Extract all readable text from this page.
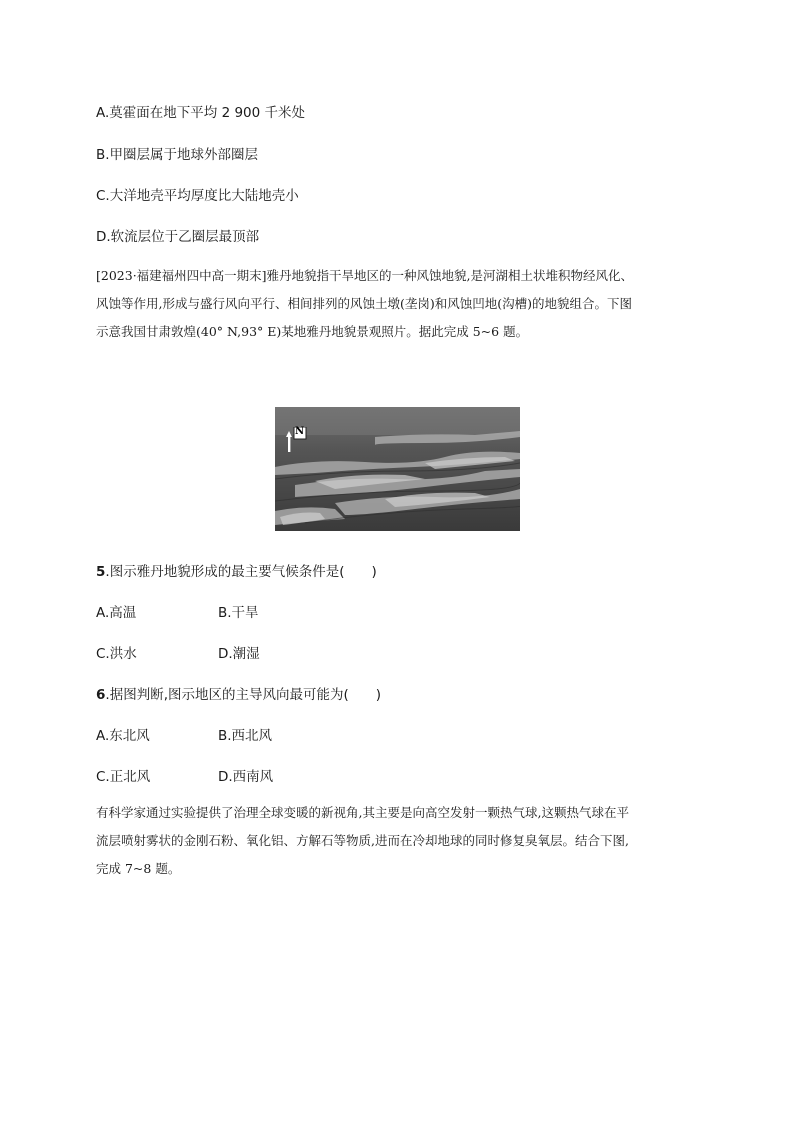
A.莫霍面在地下平均 2 900 千米处
B.甲圈层属于地球外部圈层
C.大洋地壳平均厚度比大陆地壳小
D.软流层位于乙圈层最顶部
[2023·福建福州四中高一期末]雅丹地貌指干旱地区的一种风蚀地貌,是河湖相土状堆积物经风化、
风蚀等作用,形成与盛行风向平行、相间排列的风蚀土墩(垄岗)和风蚀凹地(沟槽)的地貌组合。下图
示意我国甘肃敦煌(40° N,93° E)某地雅丹地貌景观照片。据此完成 5~6 题。
N
5.图示雅丹地貌形成的最主要气候条件是(　　)
A.高温	B.干旱
C.洪水	D.潮湿
6.据图判断,图示地区的主导风向最可能为(　　)
A.东北风	B.西北风
C.正北风	D.西南风
有科学家通过实验提供了治理全球变暖的新视角,其主要是向高空发射一颗热气球,这颗热气球在平
流层喷射雾状的金刚石粉、氧化铝、方解石等物质,进而在冷却地球的同时修复臭氧层。结合下图,
完成 7~8 题。
